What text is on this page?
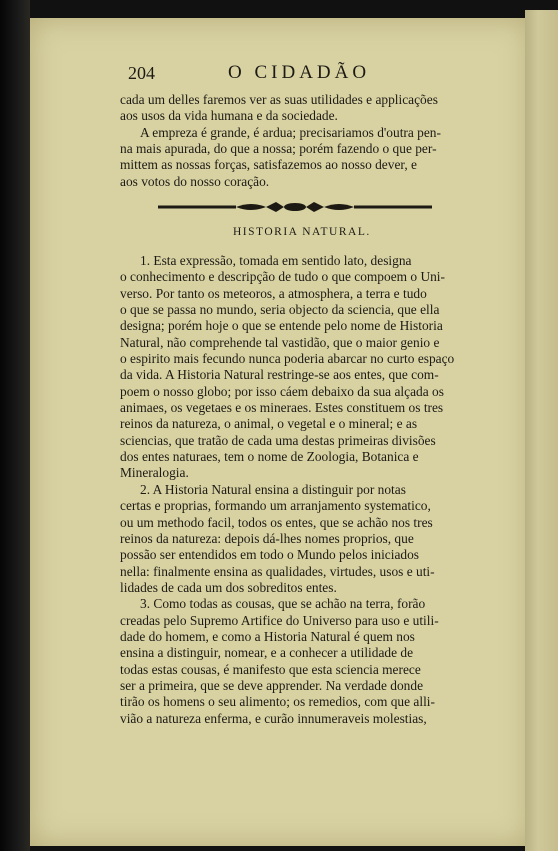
204	O CIDADÃO
cada um delles faremos ver as suas utilidades e applicações
aos usos da vida humana e da sociedade.
A empreza é grande, é ardua; precisariamos d'outra pen-
na mais apurada, do que a nossa; porém fazendo o que per-
mittem as nossas forças, satisfazemos ao nosso dever, e
aos votos do nosso coração.
HISTORIA NATURAL.
1. Esta expressão, tomada em sentido lato, designa
o conhecimento e descripção de tudo o que compoem o Uni-
verso. Por tanto os meteoros, a atmosphera, a terra e tudo
o que se passa no mundo, seria objecto da sciencia, que ella
designa; porém hoje o que se entende pelo nome de Historia
Natural, não comprehende tal vastidão, que o maior genio e
o espirito mais fecundo nunca poderia abarcar no curto espaço
da vida. A Historia Natural restringe-se aos entes, que com-
poem o nosso globo; por isso cáem debaixo da sua alçada os
animaes, os vegetaes e os mineraes. Estes constituem os tres
reinos da natureza, o animal, o vegetal e o mineral; e as
sciencias, que tratão de cada uma destas primeiras divisões
dos entes naturaes, tem o nome de Zoologia, Botanica e
Mineralogia.
2. A Historia Natural ensina a distinguir por notas
certas e proprias, formando um arranjamento systematico,
ou um methodo facil, todos os entes, que se achão nos tres
reinos da natureza: depois dá-lhes nomes proprios, que
possão ser entendidos em todo o Mundo pelos iniciados
nella: finalmente ensina as qualidades, virtudes, usos e uti-
lidades de cada um dos sobreditos entes.
3. Como todas as cousas, que se achão na terra, forão
creadas pelo Supremo Artifice do Universo para uso e utili-
dade do homem, e como a Historia Natural é quem nos
ensina a distinguir, nomear, e a conhecer a utilidade de
todas estas cousas, é manifesto que esta sciencia merece
ser a primeira, que se deve apprender. Na verdade donde
tirão os homens o seu alimento; os remedios, com que alli-
vião a natureza enferma, e curão innumeraveis molestias,
